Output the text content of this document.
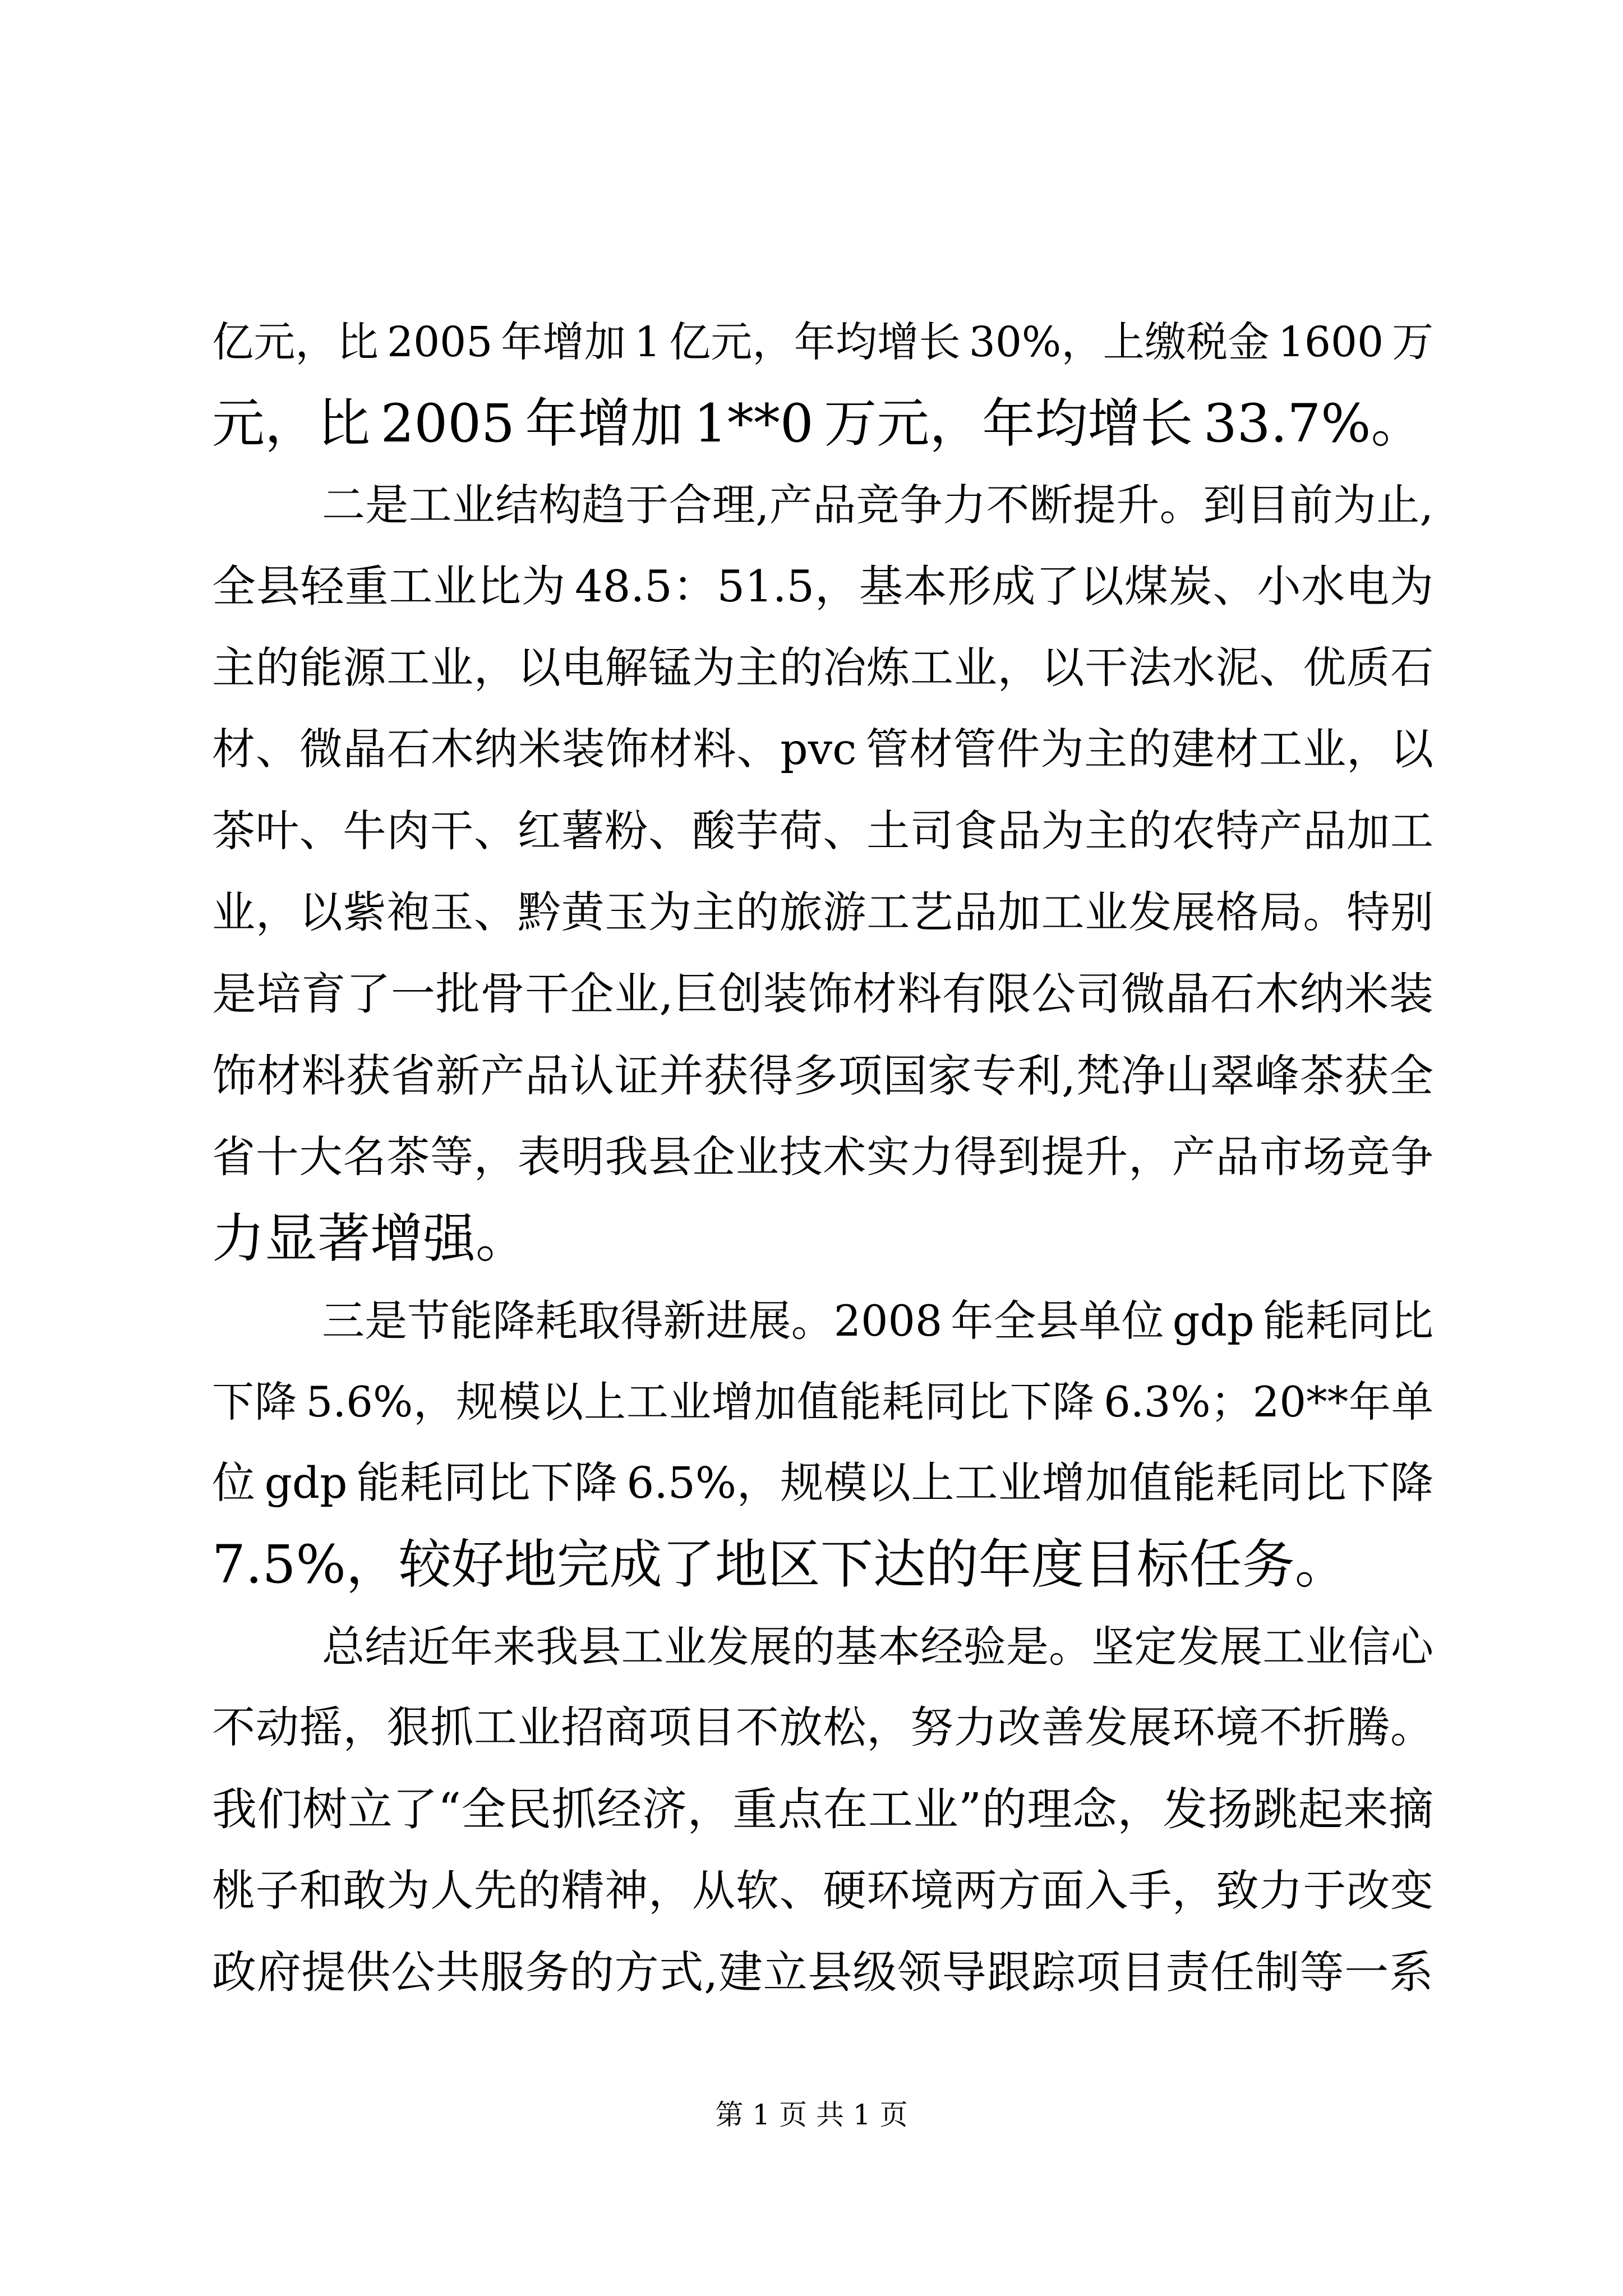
亿元，比 2005 年增加 1 亿元，年均增长 30%，上缴税金 1600 万
元，比 2005 年增加 1**0 万元，年均增长 33.7%。
二是工业结构趋于合理,产品竞争力不断提升。到目前为止,
全县轻重工业比为 48.5：51.5，基本形成了以煤炭、小水电为
主的能源工业，以电解锰为主的冶炼工业，以干法水泥、优质石
材、微晶石木纳米装饰材料、pvc 管材管件为主的建材工业，以
茶叶、牛肉干、红薯粉、酸芋荷、土司食品为主的农特产品加工
业，以紫袍玉、黔黄玉为主的旅游工艺品加工业发展格局。特别
是培育了一批骨干企业,巨创装饰材料有限公司微晶石木纳米装
饰材料获省新产品认证并获得多项国家专利,梵净山翠峰茶获全
省十大名茶等，表明我县企业技术实力得到提升，产品市场竞争
力显著增强。
三是节能降耗取得新进展。2008 年全县单位 gdp 能耗同比
下降 5.6%，规模以上工业增加值能耗同比下降 6.3%；20**年单
位 gdp 能耗同比下降 6.5%，规模以上工业增加值能耗同比下降
7.5%，较好地完成了地区下达的年度目标任务。
总结近年来我县工业发展的基本经验是。坚定发展工业信心
不动摇，狠抓工业招商项目不放松，努力改善发展环境不折腾。
我们树立了“全民抓经济，重点在工业”的理念，发扬跳起来摘
桃子和敢为人先的精神，从软、硬环境两方面入手，致力于改变
政府提供公共服务的方式,建立县级领导跟踪项目责任制等一系
第 1 页 共 1 页
